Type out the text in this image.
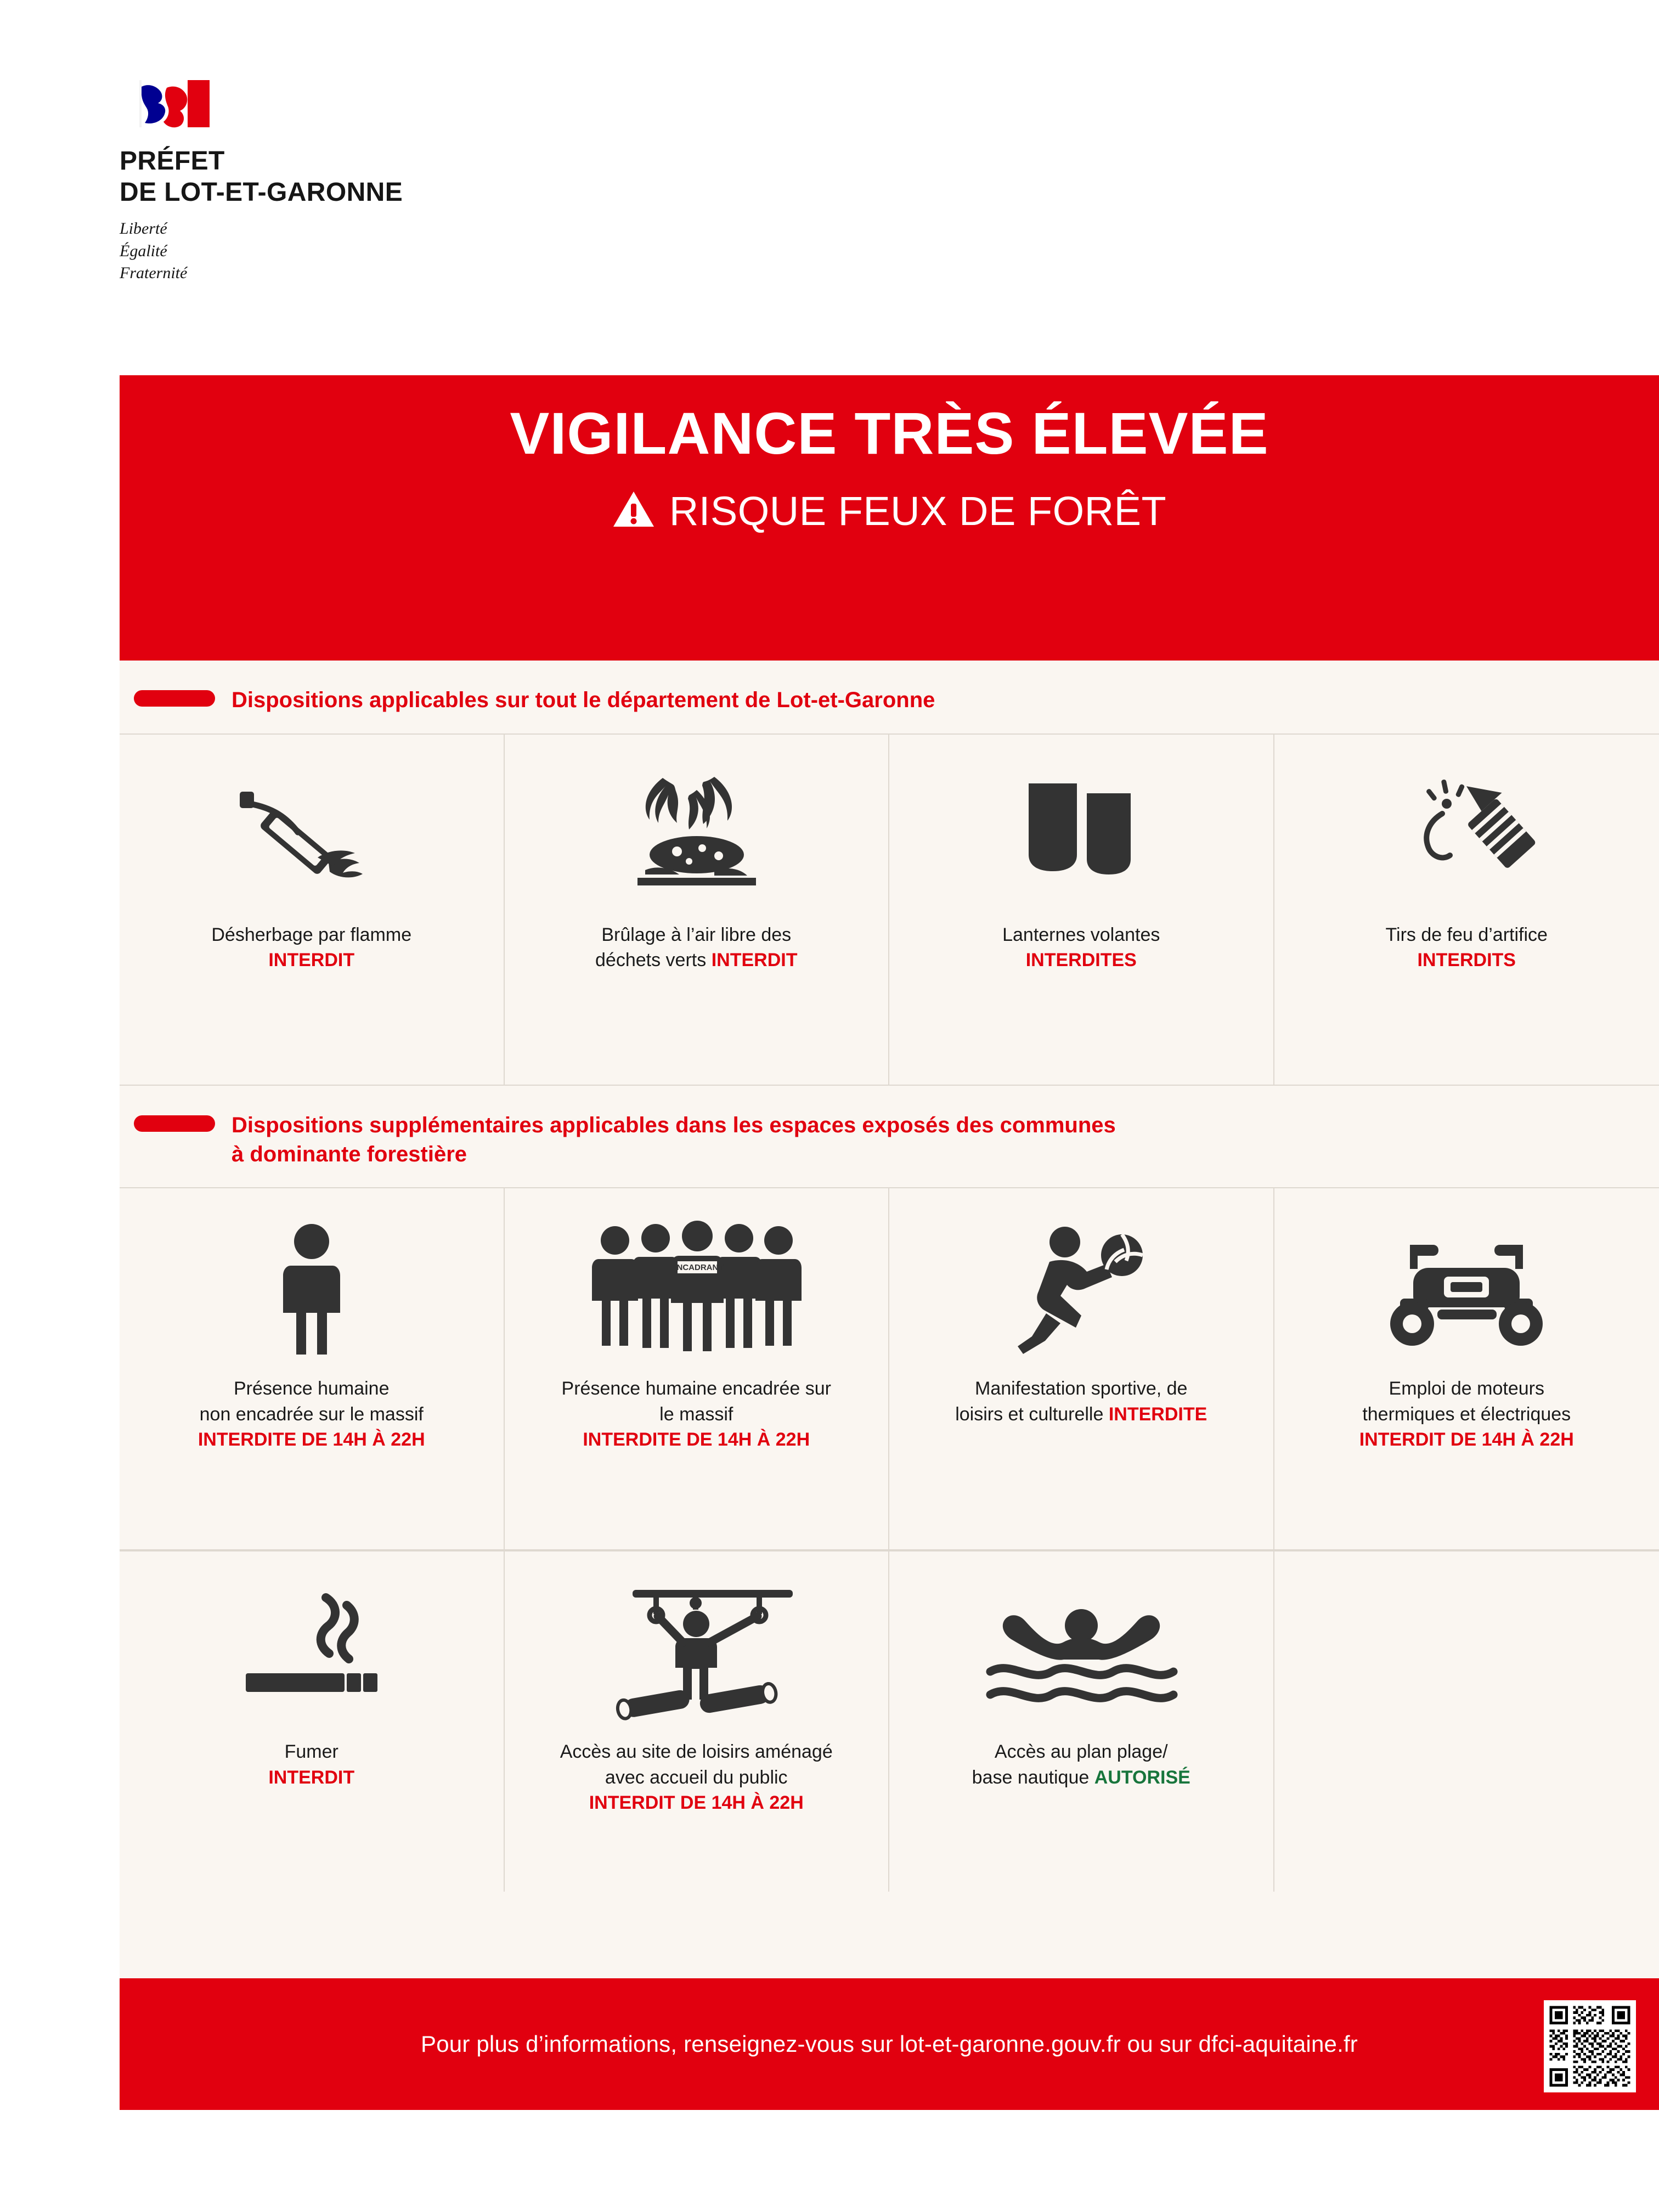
PRÉFET
DE LOT-ET-GARONNE
Liberté
Égalité
Fraternité
VIGILANCE TRÈS ÉLEVÉE
RISQUE FEUX DE FORÊT
Dispositions applicables sur tout le département de Lot-et-Garonne
Désherbage par flamme
INTERDIT
Brûlage à l’air libre des
déchets verts INTERDIT
Lanternes volantes
INTERDITES
Tirs de feu d’artifice
INTERDITS
Dispositions supplémentaires applicables dans les espaces exposés des communes
à dominante forestière
Présence humaine
non encadrée sur le massif
INTERDITE DE 14H À 22H
ENCADRANT
Présence humaine encadrée sur
le massif
INTERDITE DE 14H À 22H
Manifestation sportive, de
loisirs et culturelle INTERDITE
Emploi de moteurs
thermiques et électriques
INTERDIT DE 14H À 22H
Fumer
INTERDIT
Accès au site de loisirs aménagé
avec accueil du public
INTERDIT DE 14H À 22H
Accès au plan plage/
base nautique AUTORISÉ
Pour plus d’informations, renseignez-vous sur lot-et-garonne.gouv.fr ou sur dfci-aquitaine.fr
